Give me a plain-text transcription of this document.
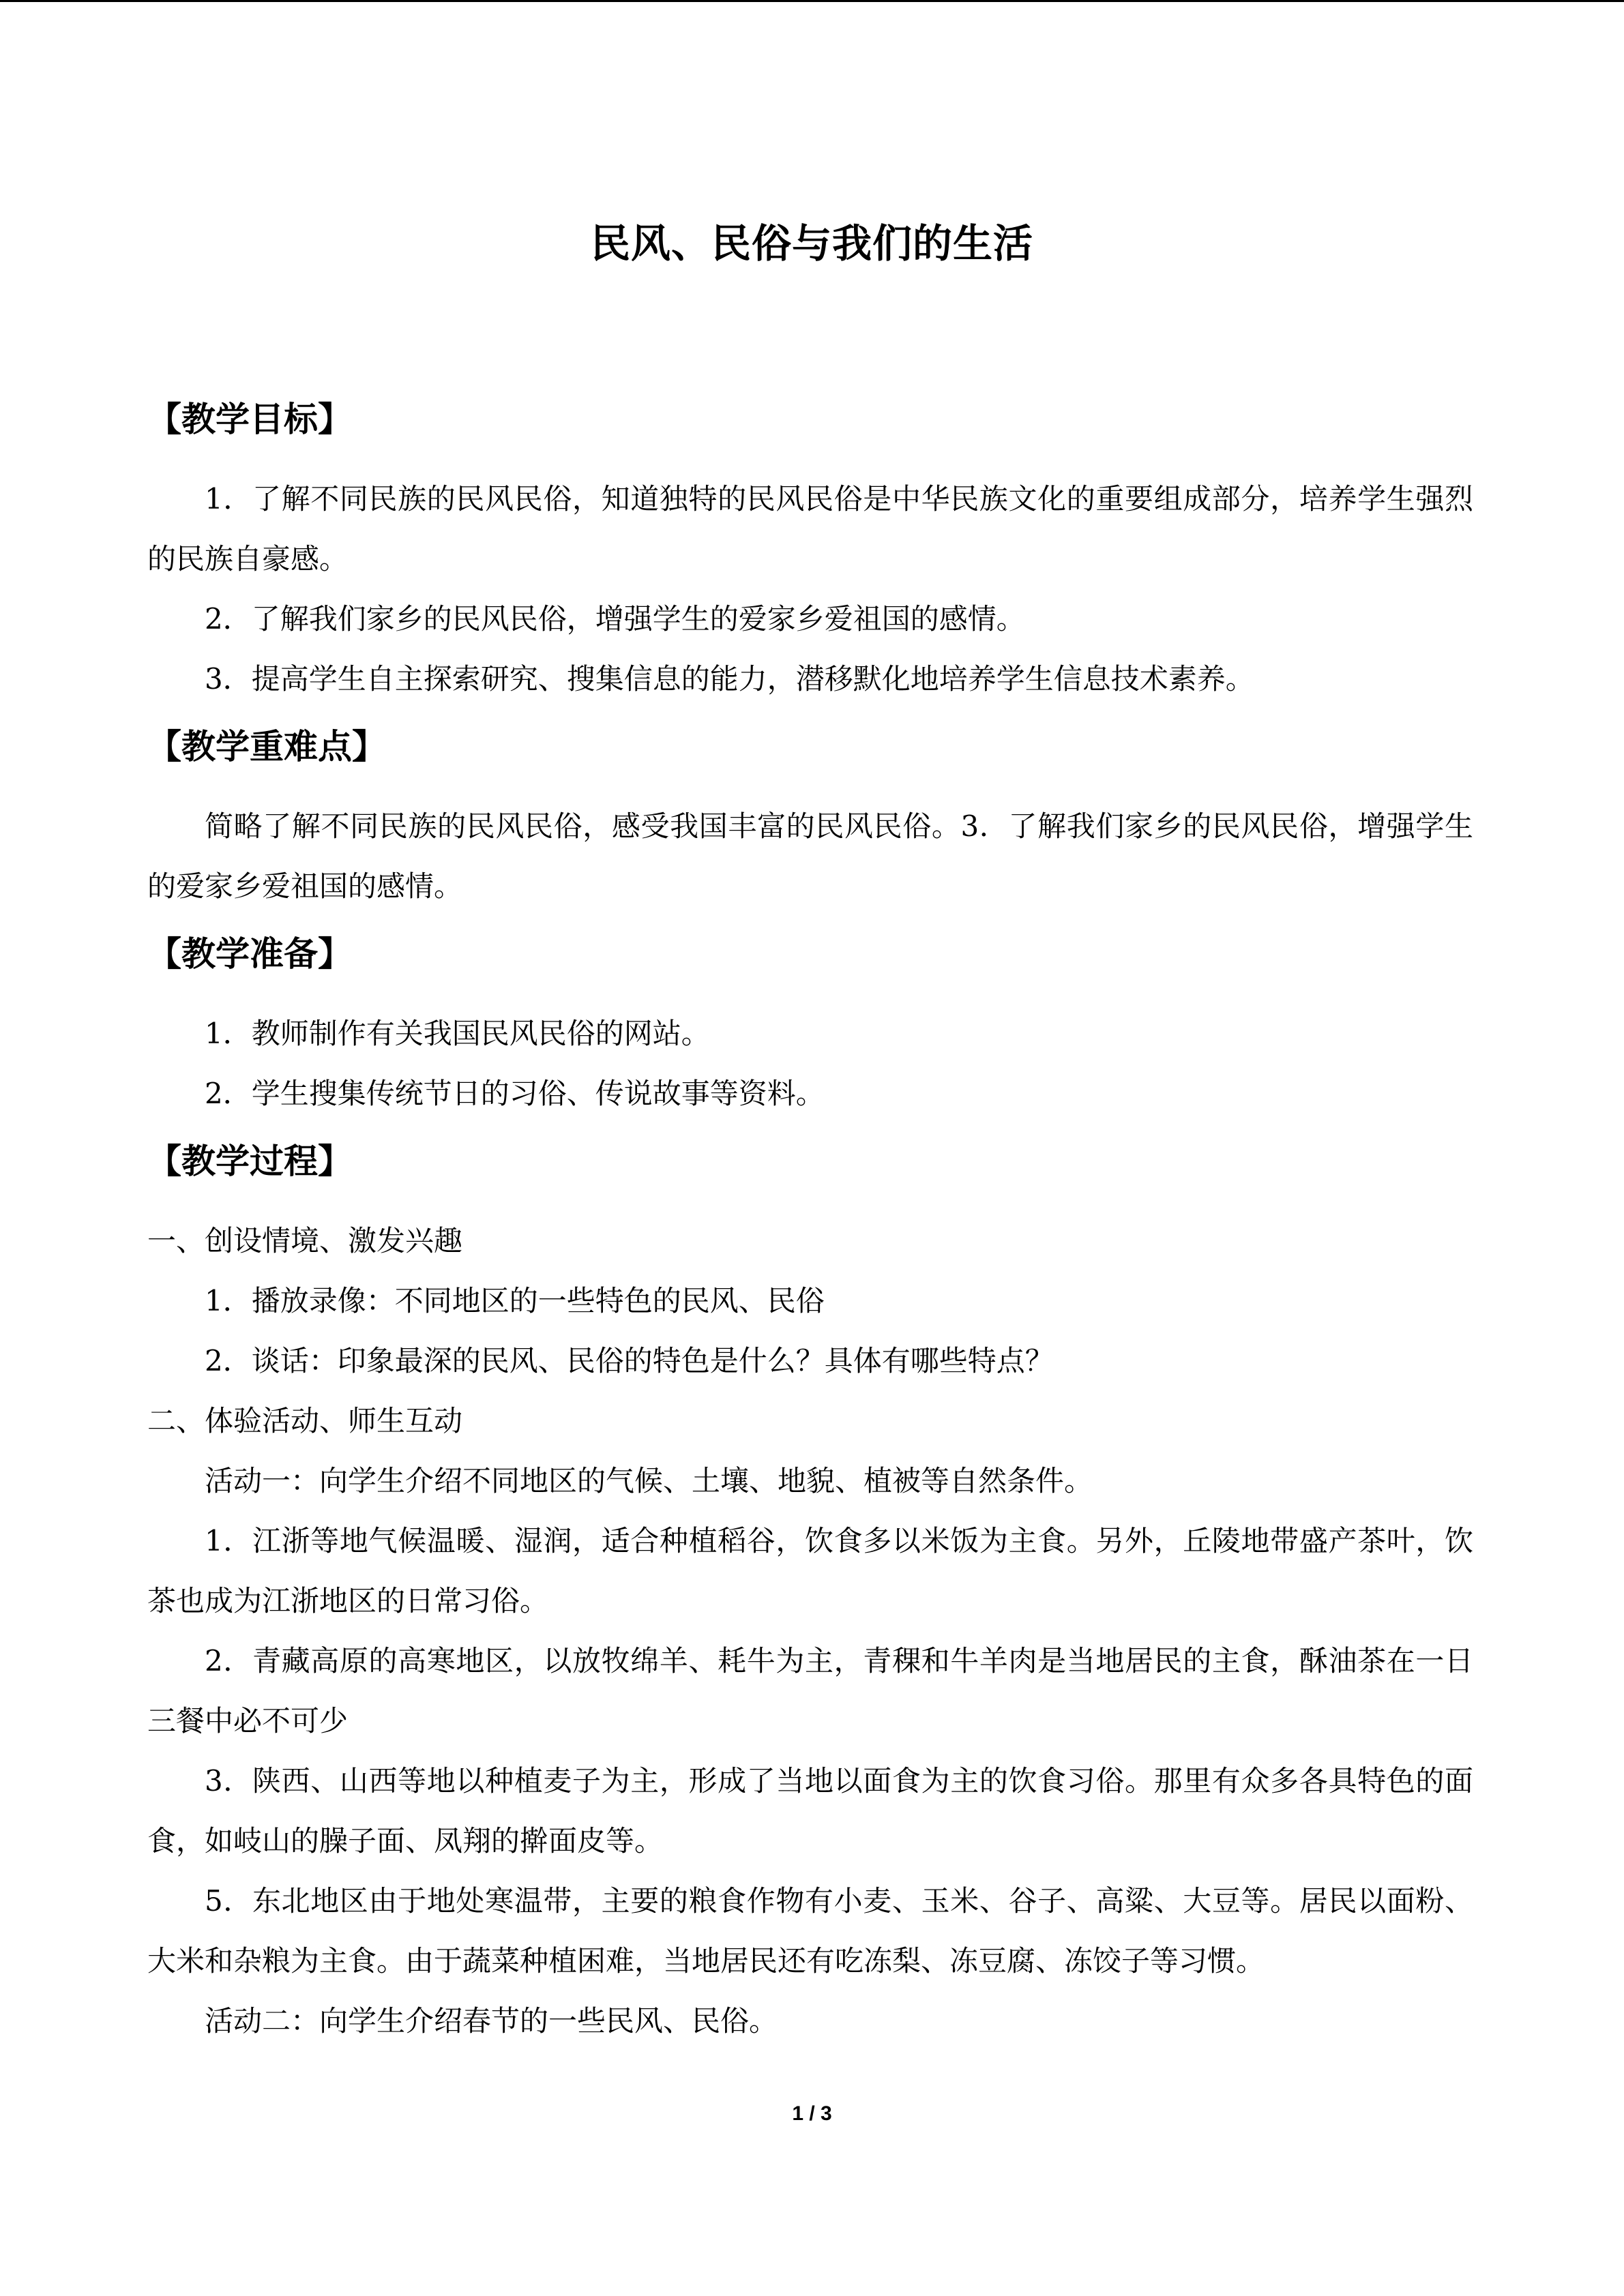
民风、民俗与我们的生活
【教学目标】

1．了解不同民族的民风民俗，知道独特的民风民俗是中华民族文化的重要组成部分，培养学生强烈的民族自豪感。

2．了解我们家乡的民风民俗，增强学生的爱家乡爱祖国的感情。

3．提高学生自主探索研究、搜集信息的能力，潜移默化地培养学生信息技术素养。

【教学重难点】

简略了解不同民族的民风民俗，感受我国丰富的民风民俗。3．了解我们家乡的民风民俗，增强学生的爱家乡爱祖国的感情。

【教学准备】

1．教师制作有关我国民风民俗的网站。

2．学生搜集传统节日的习俗、传说故事等资料。

【教学过程】

一、创设情境、激发兴趣

1．播放录像：不同地区的一些特色的民风、民俗

2．谈话：印象最深的民风、民俗的特色是什么？具体有哪些特点？

二、体验活动、师生互动

活动一：向学生介绍不同地区的气候、土壤、地貌、植被等自然条件。

1．江浙等地气候温暖、湿润，适合种植稻谷，饮食多以米饭为主食。另外，丘陵地带盛产茶叶，饮茶也成为江浙地区的日常习俗。

2．青藏高原的高寒地区，以放牧绵羊、耗牛为主，青稞和牛羊肉是当地居民的主食，酥油茶在一日三餐中必不可少

3．陕西、山西等地以种植麦子为主，形成了当地以面食为主的饮食习俗。那里有众多各具特色的面食，如岐山的臊子面、凤翔的擀面皮等。

5．东北地区由于地处寒温带，主要的粮食作物有小麦、玉米、谷子、高粱、大豆等。居民以面粉、大米和杂粮为主食。由于蔬菜种植困难，当地居民还有吃冻梨、冻豆腐、冻饺子等习惯。

活动二：向学生介绍春节的一些民风、民俗。

1 / 3
